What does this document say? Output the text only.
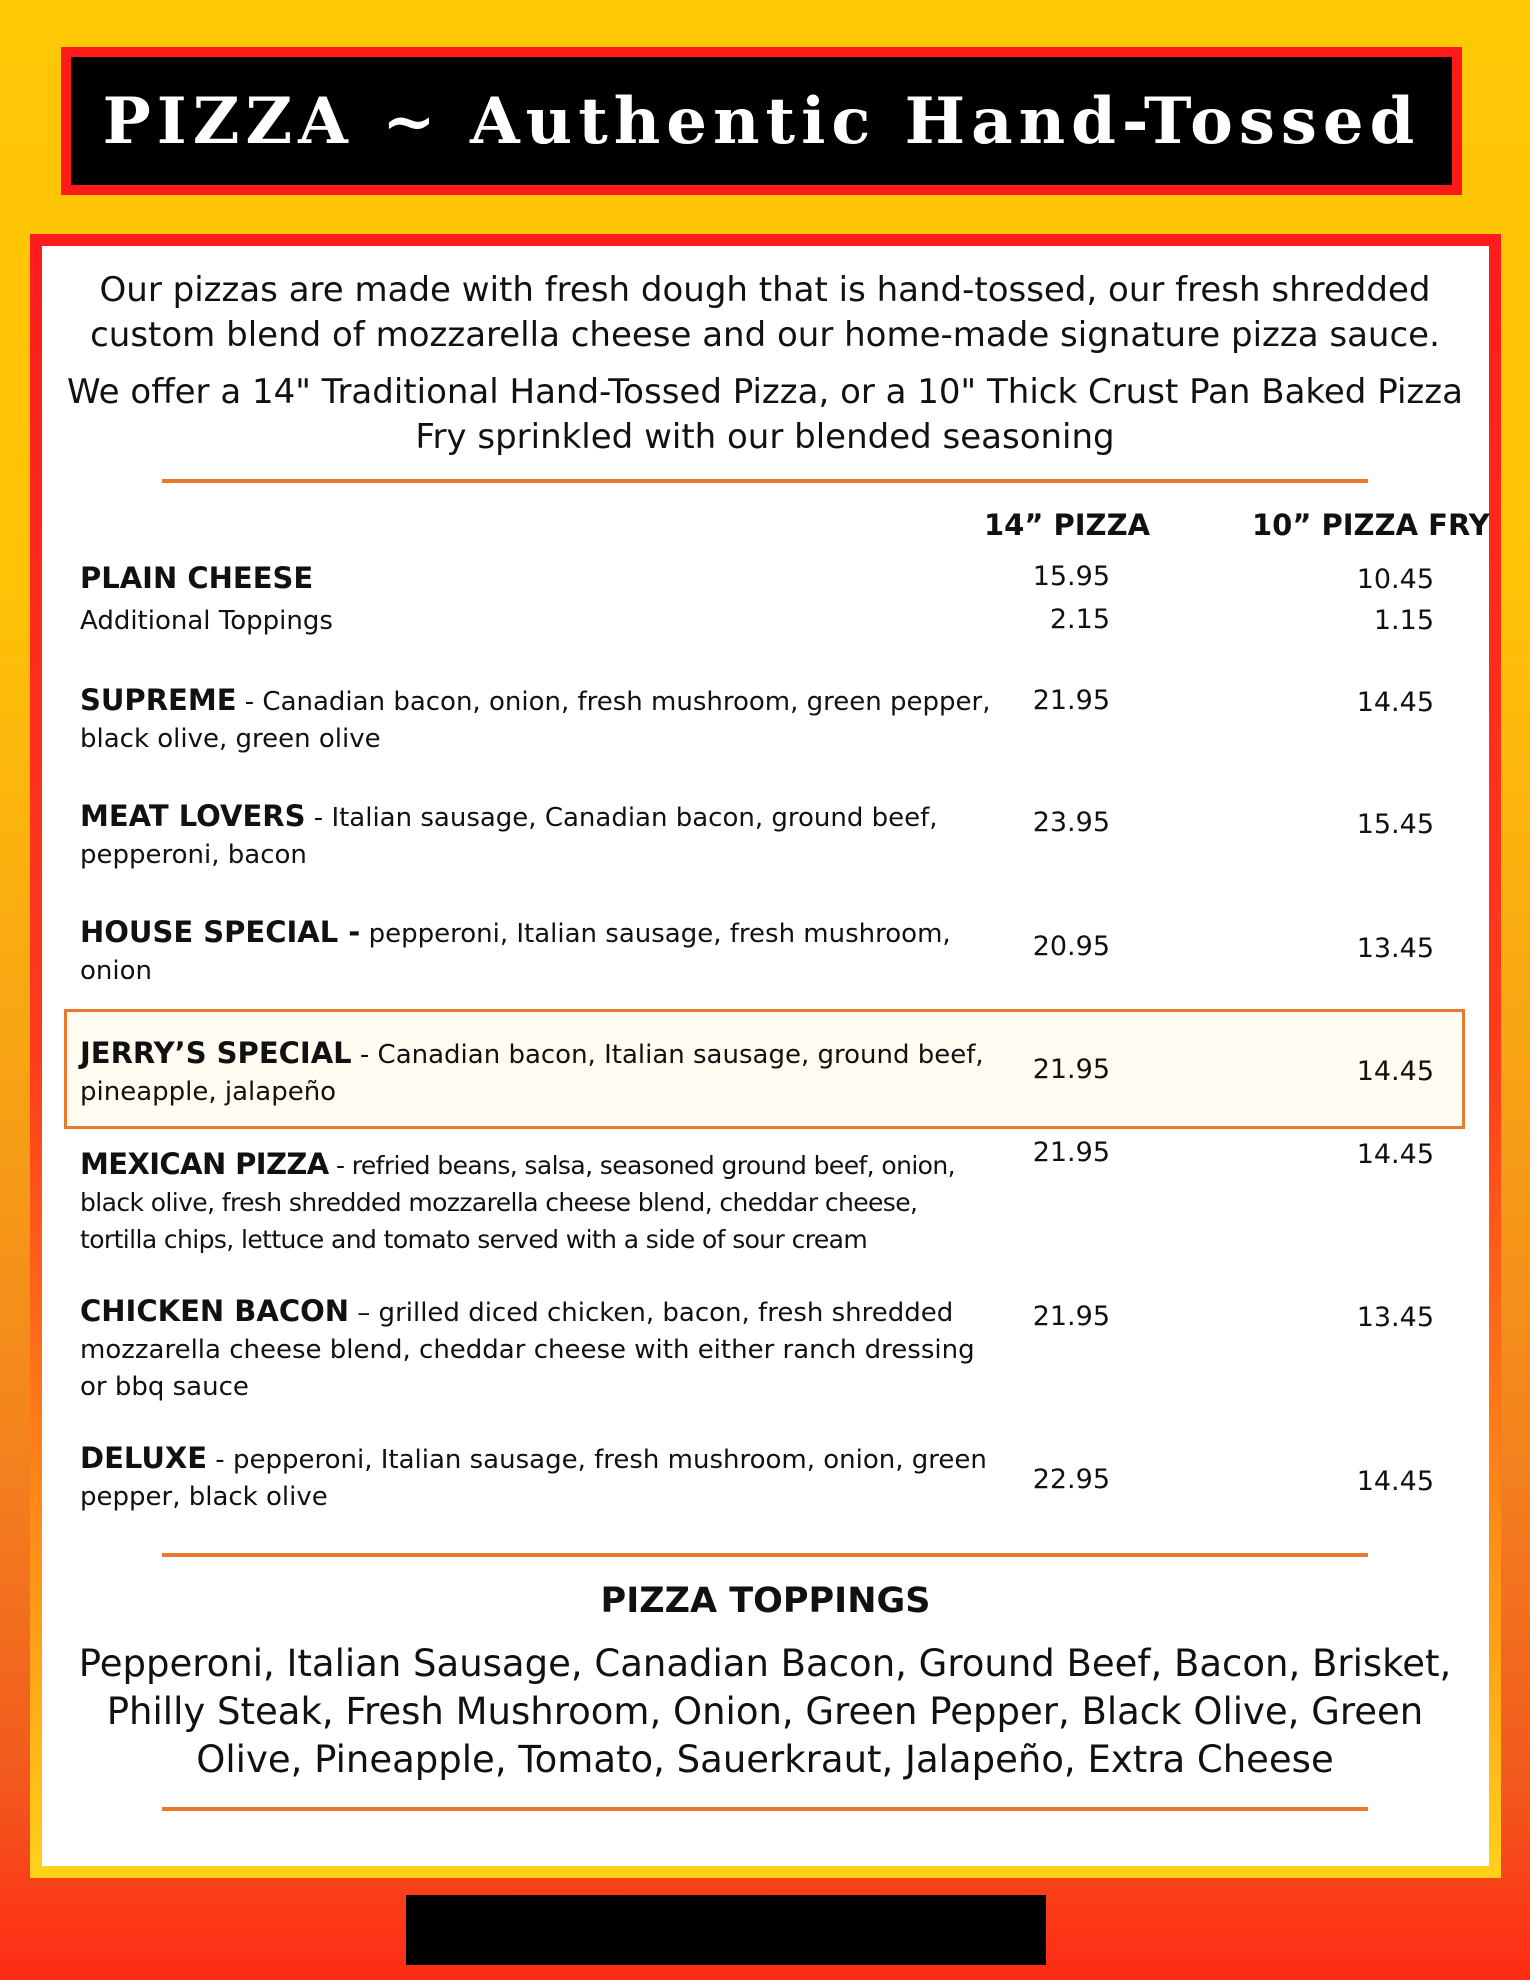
PIZZA ~ Authentic Hand-Tossed
Our pizzas are made with fresh dough that is hand-tossed, our fresh shredded
custom blend of mozzarella cheese and our home-made signature pizza sauce.
We offer a 14" Traditional Hand-Tossed Pizza, or a 10" Thick Crust Pan Baked Pizza
Fry sprinkled with our blended seasoning
14” PIZZA	10” PIZZA FRY
PLAIN CHEESE	15.95	10.45
Additional Toppings	2.15	1.15
SUPREME - Canadian bacon, onion, fresh mushroom, green pepper, black olive, green olive
21.95	14.45
MEAT LOVERS - Italian sausage, Canadian bacon, ground beef, pepperoni, bacon
23.95	15.45
HOUSE SPECIAL - pepperoni, Italian sausage, fresh mushroom, onion
20.95	13.45
JERRY’S SPECIAL - Canadian bacon, Italian sausage, ground beef, pineapple, jalapeño
21.95	14.45
MEXICAN PIZZA - refried beans, salsa, seasoned ground beef, onion, black olive, fresh shredded mozzarella cheese blend, cheddar cheese, tortilla chips, lettuce and tomato served with a side of sour cream
21.95	14.45
CHICKEN BACON – grilled diced chicken, bacon, fresh shredded mozzarella cheese blend, cheddar cheese with either ranch dressing or bbq sauce
21.95	13.45
DELUXE - pepperoni, Italian sausage, fresh mushroom, onion, green pepper, black olive
22.95	14.45
PIZZA TOPPINGS
Pepperoni, Italian Sausage, Canadian Bacon, Ground Beef, Bacon, Brisket, Philly Steak, Fresh Mushroom, Onion, Green Pepper, Black Olive, Green Olive, Pineapple, Tomato, Sauerkraut, Jalapeño, Extra Cheese
